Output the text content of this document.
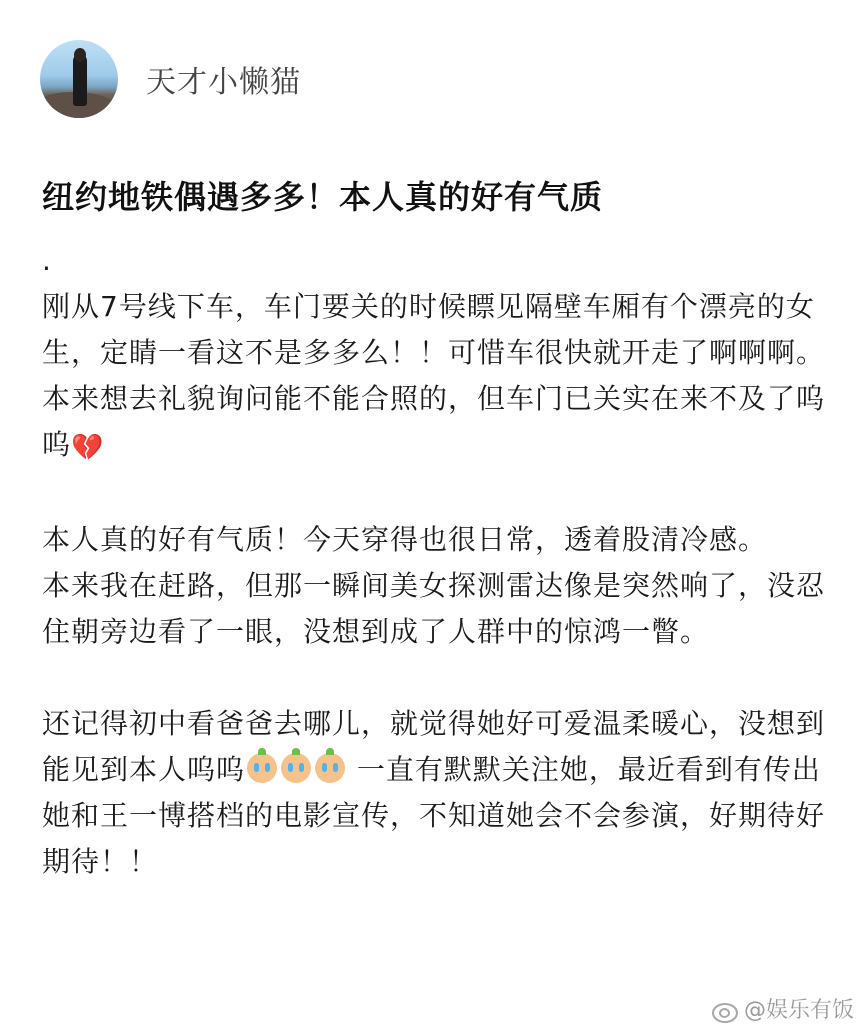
天才小懒猫
纽约地铁偶遇多多！本人真的好有气质

.

刚从7号线下车，车门要关的时候瞟见隔壁车厢有个漂亮的女生，定睛一看这不是多多么！！可惜车很快就开走了啊啊啊。本来想去礼貌询问能不能合照的，但车门已关实在来不及了呜呜💔

本人真的好有气质！今天穿得也很日常，透着股清冷感。

本来我在赶路，但那一瞬间美女探测雷达像是突然响了，没忍住朝旁边看了一眼，没想到成了人群中的惊鸿一瞥。

还记得初中看爸爸去哪儿，就觉得她好可爱温柔暖心，没想到能见到本人呜呜	一直有默默关注她，最近看到有传出她和王一博搭档的电影宣传，不知道她会不会参演，好期待好期待！！

@娱乐有饭
